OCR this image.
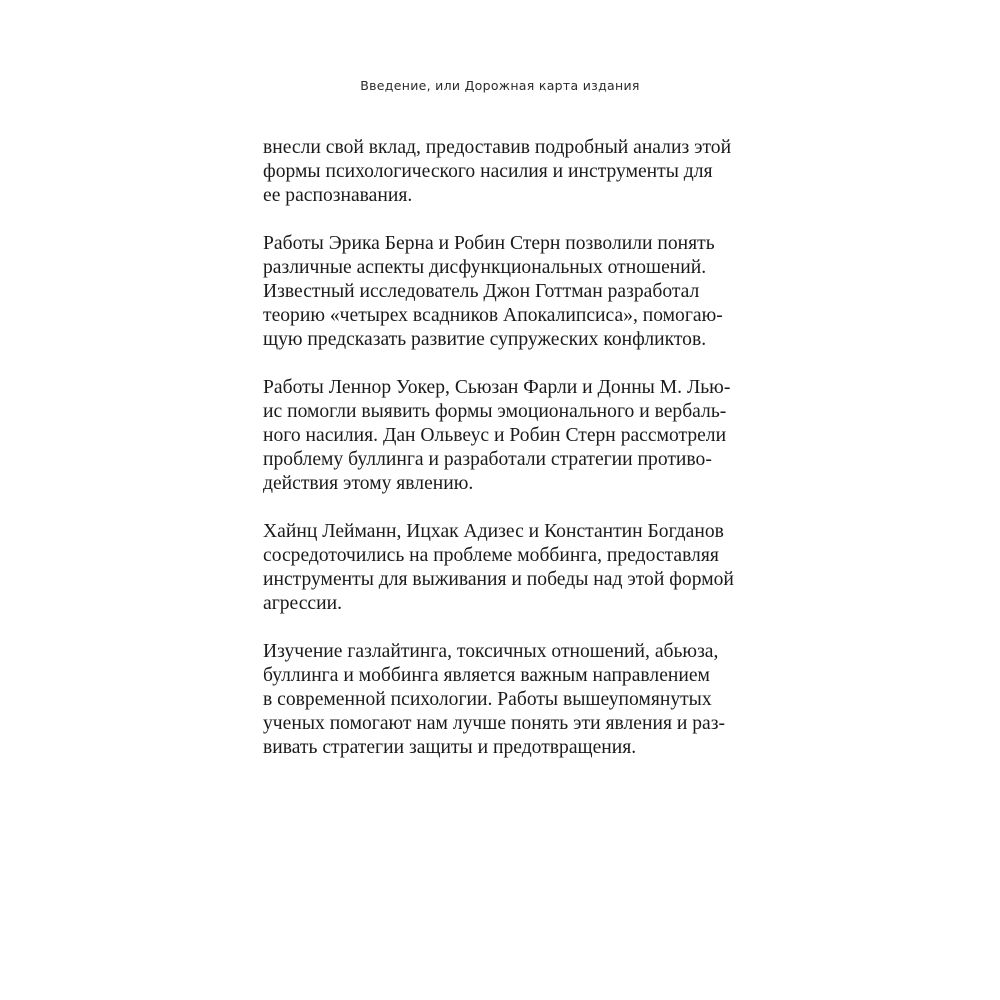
Введение, или Дорожная карта издания

внесли свой вклад, предоставив подробный анализ этой
формы психологического насилия и инструменты для
ее распознавания.

Работы Эрика Берна и Робин Стерн позволили понять
различные аспекты дисфункциональных отношений.
Известный исследователь Джон Готтман разработал
теорию «четырех всадников Апокалипсиса», помогаю-
щую предсказать развитие супружеских конфликтов.

Работы Леннор Уокер, Сьюзан Фарли и Донны М. Лью-
ис помогли выявить формы эмоционального и вербаль-
ного насилия. Дан Ольвеус и Робин Стерн рассмотрели
проблему буллинга и разработали стратегии противо-
действия этому явлению.

Хайнц Лейманн, Ицхак Адизес и Константин Богданов
сосредоточились на проблеме моббинга, предоставляя
инструменты для выживания и победы над этой формой
агрессии.

Изучение газлайтинга, токсичных отношений, абьюза,
буллинга и моббинга является важным направлением
в современной психологии. Работы вышеупомянутых
ученых помогают нам лучше понять эти явления и раз-
вивать стратегии защиты и предотвращения.
